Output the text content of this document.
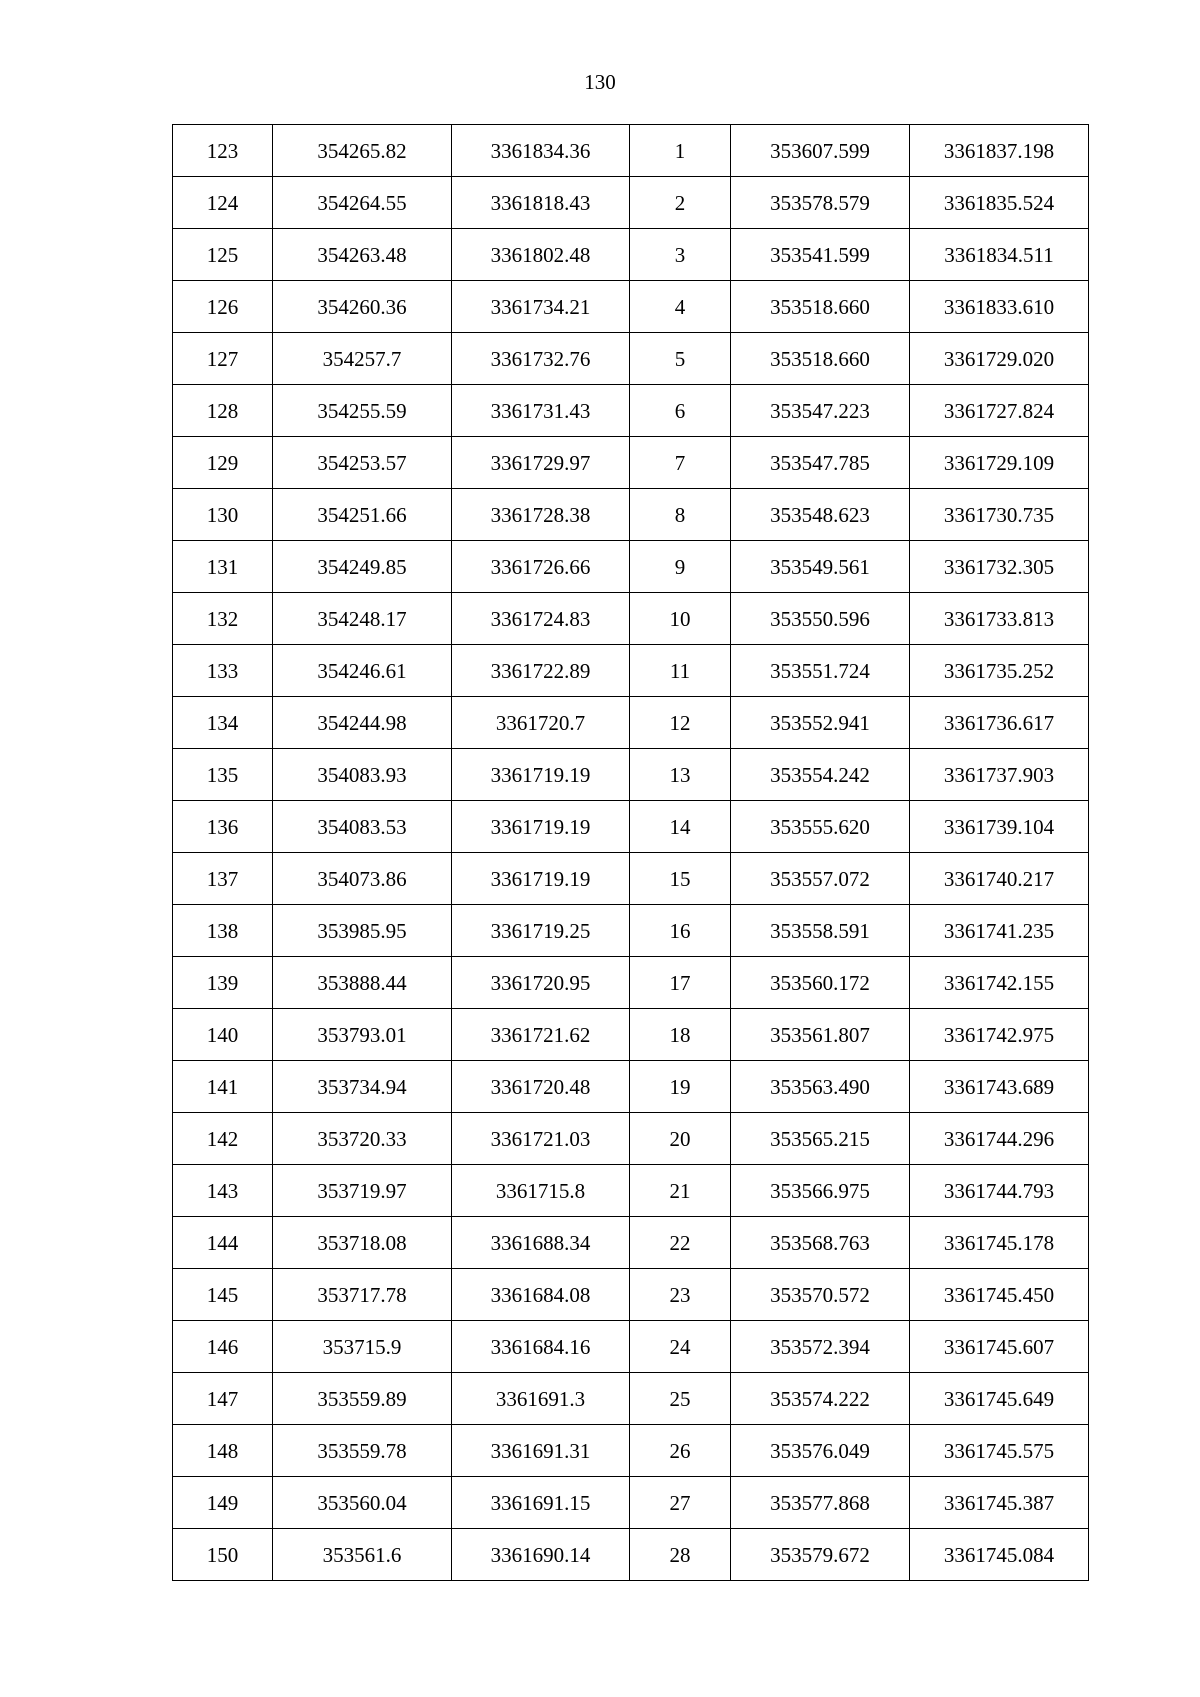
130
123	354265.82	3361834.36	1	353607.599	3361837.198
124	354264.55	3361818.43	2	353578.579	3361835.524
125	354263.48	3361802.48	3	353541.599	3361834.511
126	354260.36	3361734.21	4	353518.660	3361833.610
127	354257.7	3361732.76	5	353518.660	3361729.020
128	354255.59	3361731.43	6	353547.223	3361727.824
129	354253.57	3361729.97	7	353547.785	3361729.109
130	354251.66	3361728.38	8	353548.623	3361730.735
131	354249.85	3361726.66	9	353549.561	3361732.305
132	354248.17	3361724.83	10	353550.596	3361733.813
133	354246.61	3361722.89	11	353551.724	3361735.252
134	354244.98	3361720.7	12	353552.941	3361736.617
135	354083.93	3361719.19	13	353554.242	3361737.903
136	354083.53	3361719.19	14	353555.620	3361739.104
137	354073.86	3361719.19	15	353557.072	3361740.217
138	353985.95	3361719.25	16	353558.591	3361741.235
139	353888.44	3361720.95	17	353560.172	3361742.155
140	353793.01	3361721.62	18	353561.807	3361742.975
141	353734.94	3361720.48	19	353563.490	3361743.689
142	353720.33	3361721.03	20	353565.215	3361744.296
143	353719.97	3361715.8	21	353566.975	3361744.793
144	353718.08	3361688.34	22	353568.763	3361745.178
145	353717.78	3361684.08	23	353570.572	3361745.450
146	353715.9	3361684.16	24	353572.394	3361745.607
147	353559.89	3361691.3	25	353574.222	3361745.649
148	353559.78	3361691.31	26	353576.049	3361745.575
149	353560.04	3361691.15	27	353577.868	3361745.387
150	353561.6	3361690.14	28	353579.672	3361745.084
